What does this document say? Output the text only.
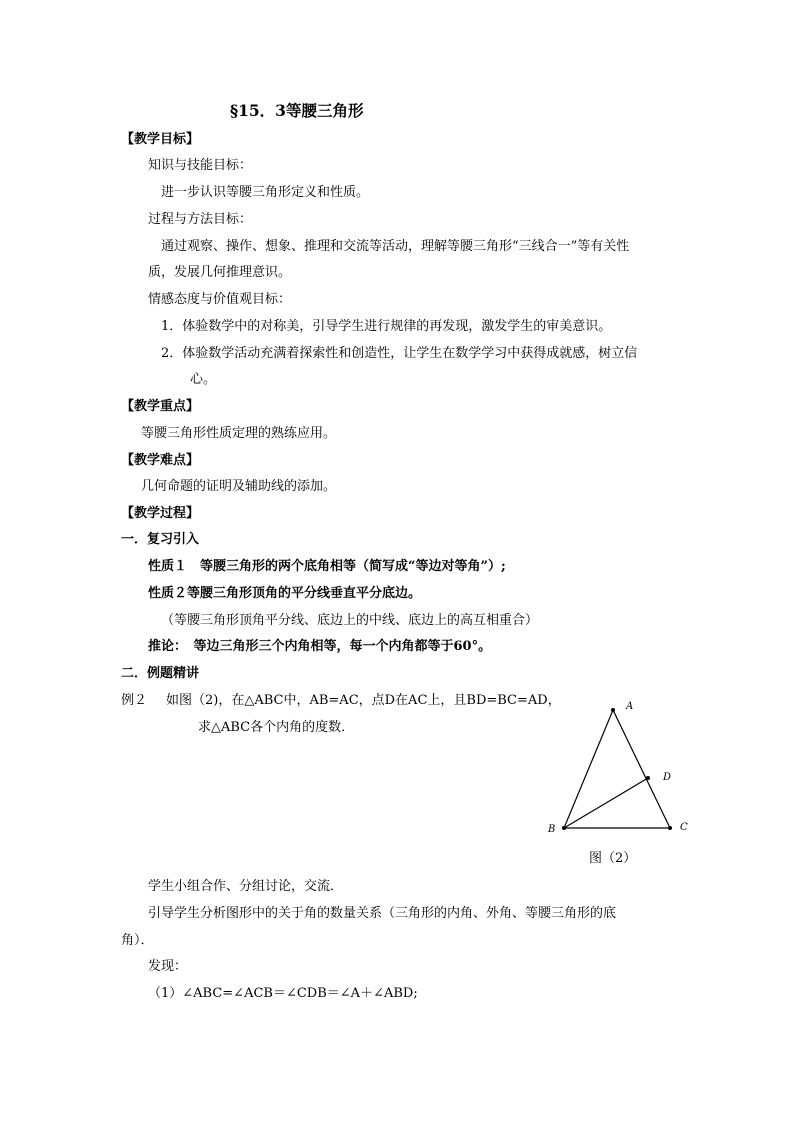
§15．3等腰三角形
【教学目标】
知识与技能目标：
进一步认识等腰三角形定义和性质。
过程与方法目标：
通过观察、操作、想象、推理和交流等活动，理解等腰三角形“三线合一”等有关性
质，发展几何推理意识。
情感态度与价值观目标：
1．体验数学中的对称美，引导学生进行规律的再发现，激发学生的审美意识。
2．体验数学活动充满着探索性和创造性，让学生在数学学习中获得成就感，树立信
心。
【教学重点】
等腰三角形性质定理的熟练应用。
【教学难点】
几何命题的证明及辅助线的添加。
【教学过程】
一．复习引入
性质１　等腰三角形的两个底角相等（简写成“等边对等角”）;
性质２等腰三角形顶角的平分线垂直平分底边。
（等腰三角形顶角平分线、底边上的中线、底边上的高互相重合）
推论：　等边三角形三个内角相等，每一个内角都等于60°。
二．例题精讲
例２ 如图（2)，在△ABC中，AB=AC，点D在AC上，且BD=BC=AD，
求△ABC各个内角的度数．
A
B	C
D
图（2）
学生小组合作、分组讨论，交流．
引导学生分析图形中的关于角的数量关系（三角形的内角、外角、等腰三角形的底
角）．
发现：
（1）∠ABC=∠ACB＝∠CDB＝∠A＋∠ABD;
